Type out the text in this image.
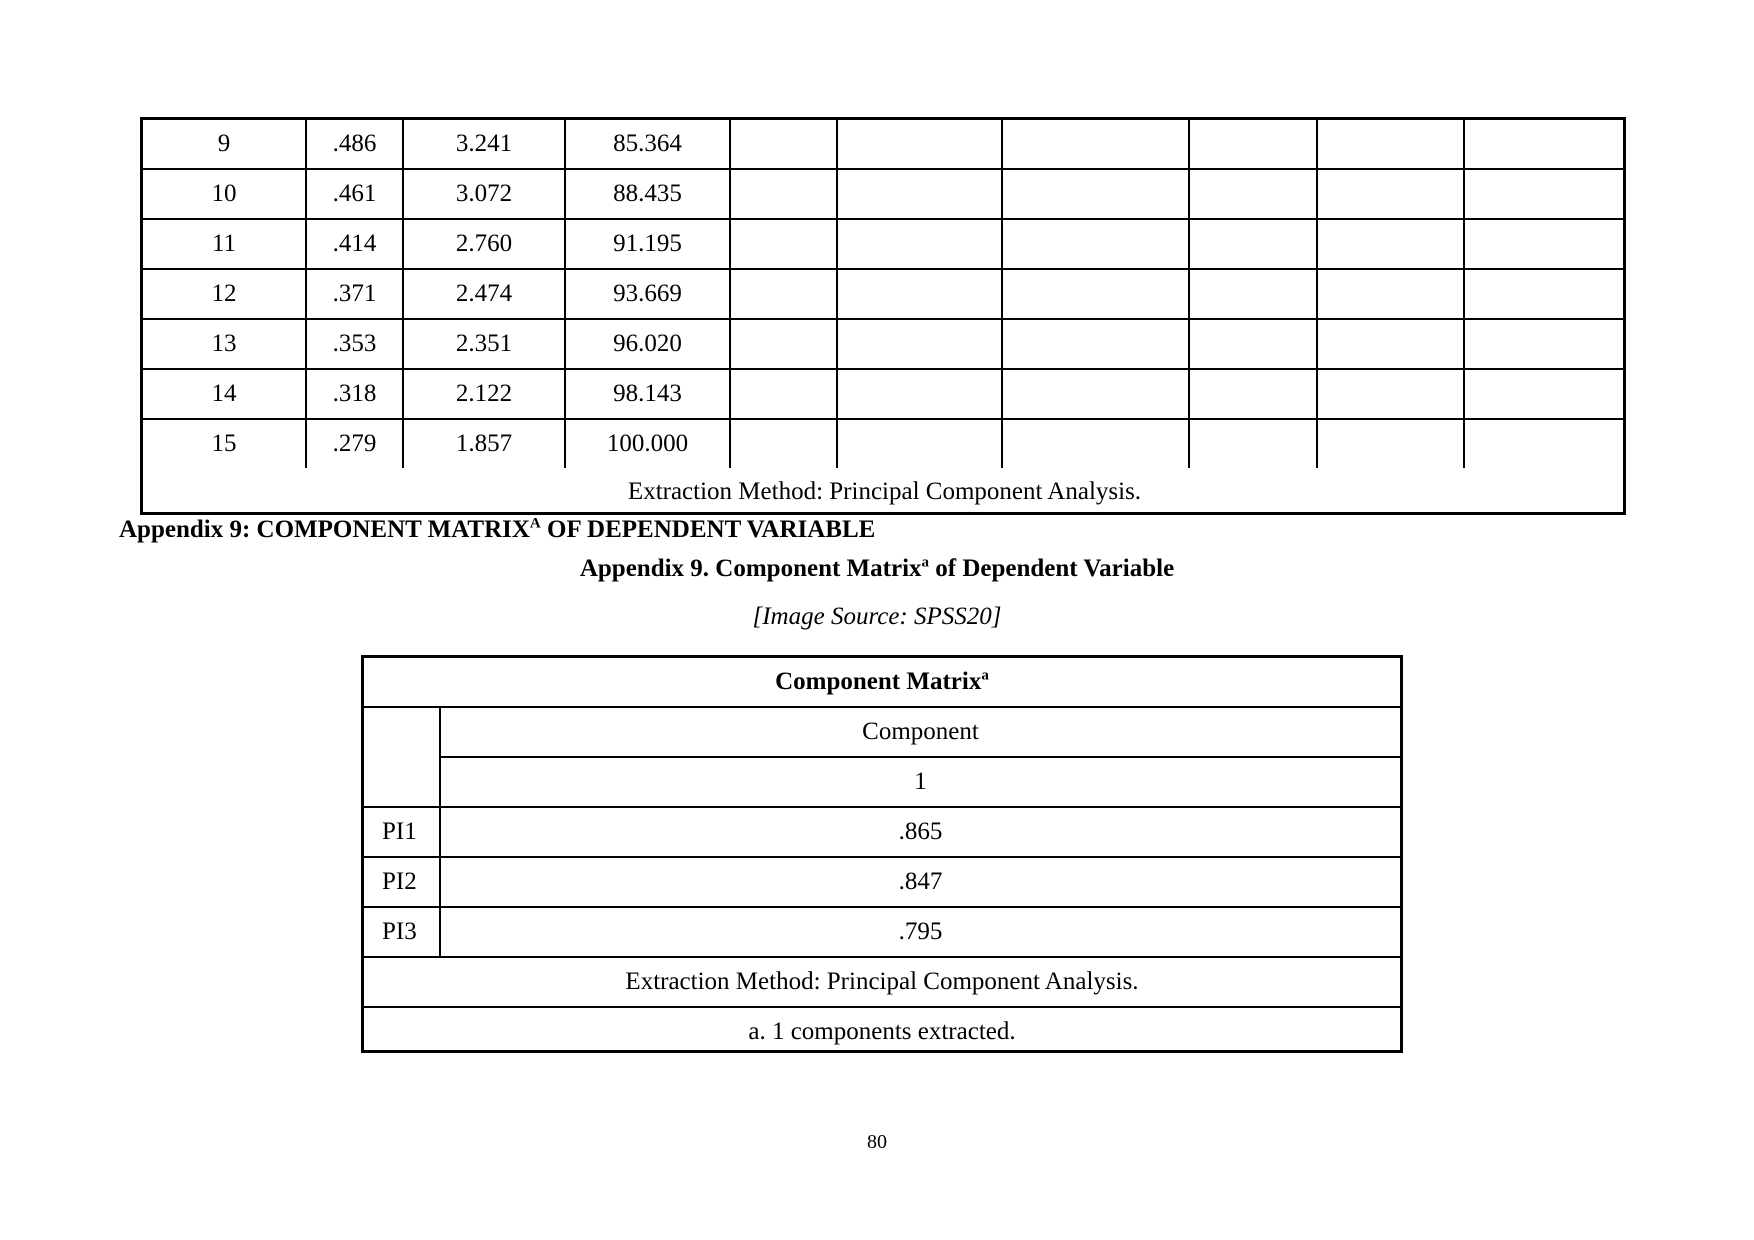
9	.486	3.241	85.364						
10	.461	3.072	88.435						
11	.414	2.760	91.195						
12	.371	2.474	93.669						
13	.353	2.351	96.020						
14	.318	2.122	98.143						
15	.279	1.857	100.000						
Extraction Method: Principal Component Analysis.									
Appendix 9: COMPONENT $MATRIX^A$ OF DEPENDENT VARIABLE
Appendix 9. Component Matrix$^a$ of Dependent Variable
[Image Source: SPSS20]
Component Matrix$^a$
	Component
	1
PI1	.865
PI2	.847
PI3	.795
Extraction Method: Principal Component Analysis.	
a. 1 components extracted.	
80
